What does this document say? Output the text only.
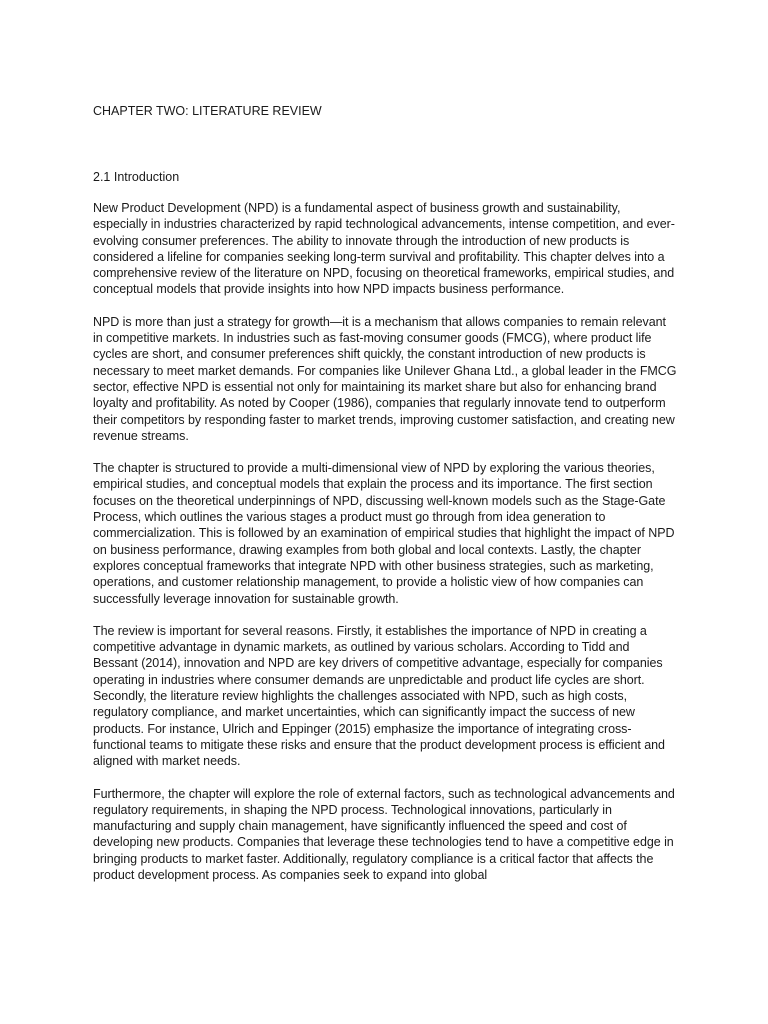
CHAPTER TWO: LITERATURE REVIEW
2.1 Introduction

New Product Development (NPD) is a fundamental aspect of business growth and sustainability, especially in industries characterized by rapid technological advancements, intense competition, and ever-evolving consumer preferences. The ability to innovate through the introduction of new products is considered a lifeline for companies seeking long-term survival and profitability. This chapter delves into a comprehensive review of the literature on NPD, focusing on theoretical frameworks, empirical studies, and conceptual models that provide insights into how NPD impacts business performance.

NPD is more than just a strategy for growth—it is a mechanism that allows companies to remain relevant in competitive markets. In industries such as fast-moving consumer goods (FMCG), where product life cycles are short, and consumer preferences shift quickly, the constant introduction of new products is necessary to meet market demands. For companies like Unilever Ghana Ltd., a global leader in the FMCG sector, effective NPD is essential not only for maintaining its market share but also for enhancing brand loyalty and profitability. As noted by Cooper (1986), companies that regularly innovate tend to outperform their competitors by responding faster to market trends, improving customer satisfaction, and creating new revenue streams.

The chapter is structured to provide a multi-dimensional view of NPD by exploring the various theories, empirical studies, and conceptual models that explain the process and its importance. The first section focuses on the theoretical underpinnings of NPD, discussing well-known models such as the Stage-Gate Process, which outlines the various stages a product must go through from idea generation to commercialization. This is followed by an examination of empirical studies that highlight the impact of NPD on business performance, drawing examples from both global and local contexts. Lastly, the chapter explores conceptual frameworks that integrate NPD with other business strategies, such as marketing, operations, and customer relationship management, to provide a holistic view of how companies can successfully leverage innovation for sustainable growth.

The review is important for several reasons. Firstly, it establishes the importance of NPD in creating a competitive advantage in dynamic markets, as outlined by various scholars. According to Tidd and Bessant (2014), innovation and NPD are key drivers of competitive advantage, especially for companies operating in industries where consumer demands are unpredictable and product life cycles are short. Secondly, the literature review highlights the challenges associated with NPD, such as high costs, regulatory compliance, and market uncertainties, which can significantly impact the success of new products. For instance, Ulrich and Eppinger (2015) emphasize the importance of integrating cross-functional teams to mitigate these risks and ensure that the product development process is efficient and aligned with market needs.

Furthermore, the chapter will explore the role of external factors, such as technological advancements and regulatory requirements, in shaping the NPD process. Technological innovations, particularly in manufacturing and supply chain management, have significantly influenced the speed and cost of developing new products. Companies that leverage these technologies tend to have a competitive edge in bringing products to market faster. Additionally, regulatory compliance is a critical factor that affects the product development process. As companies seek to expand into global
